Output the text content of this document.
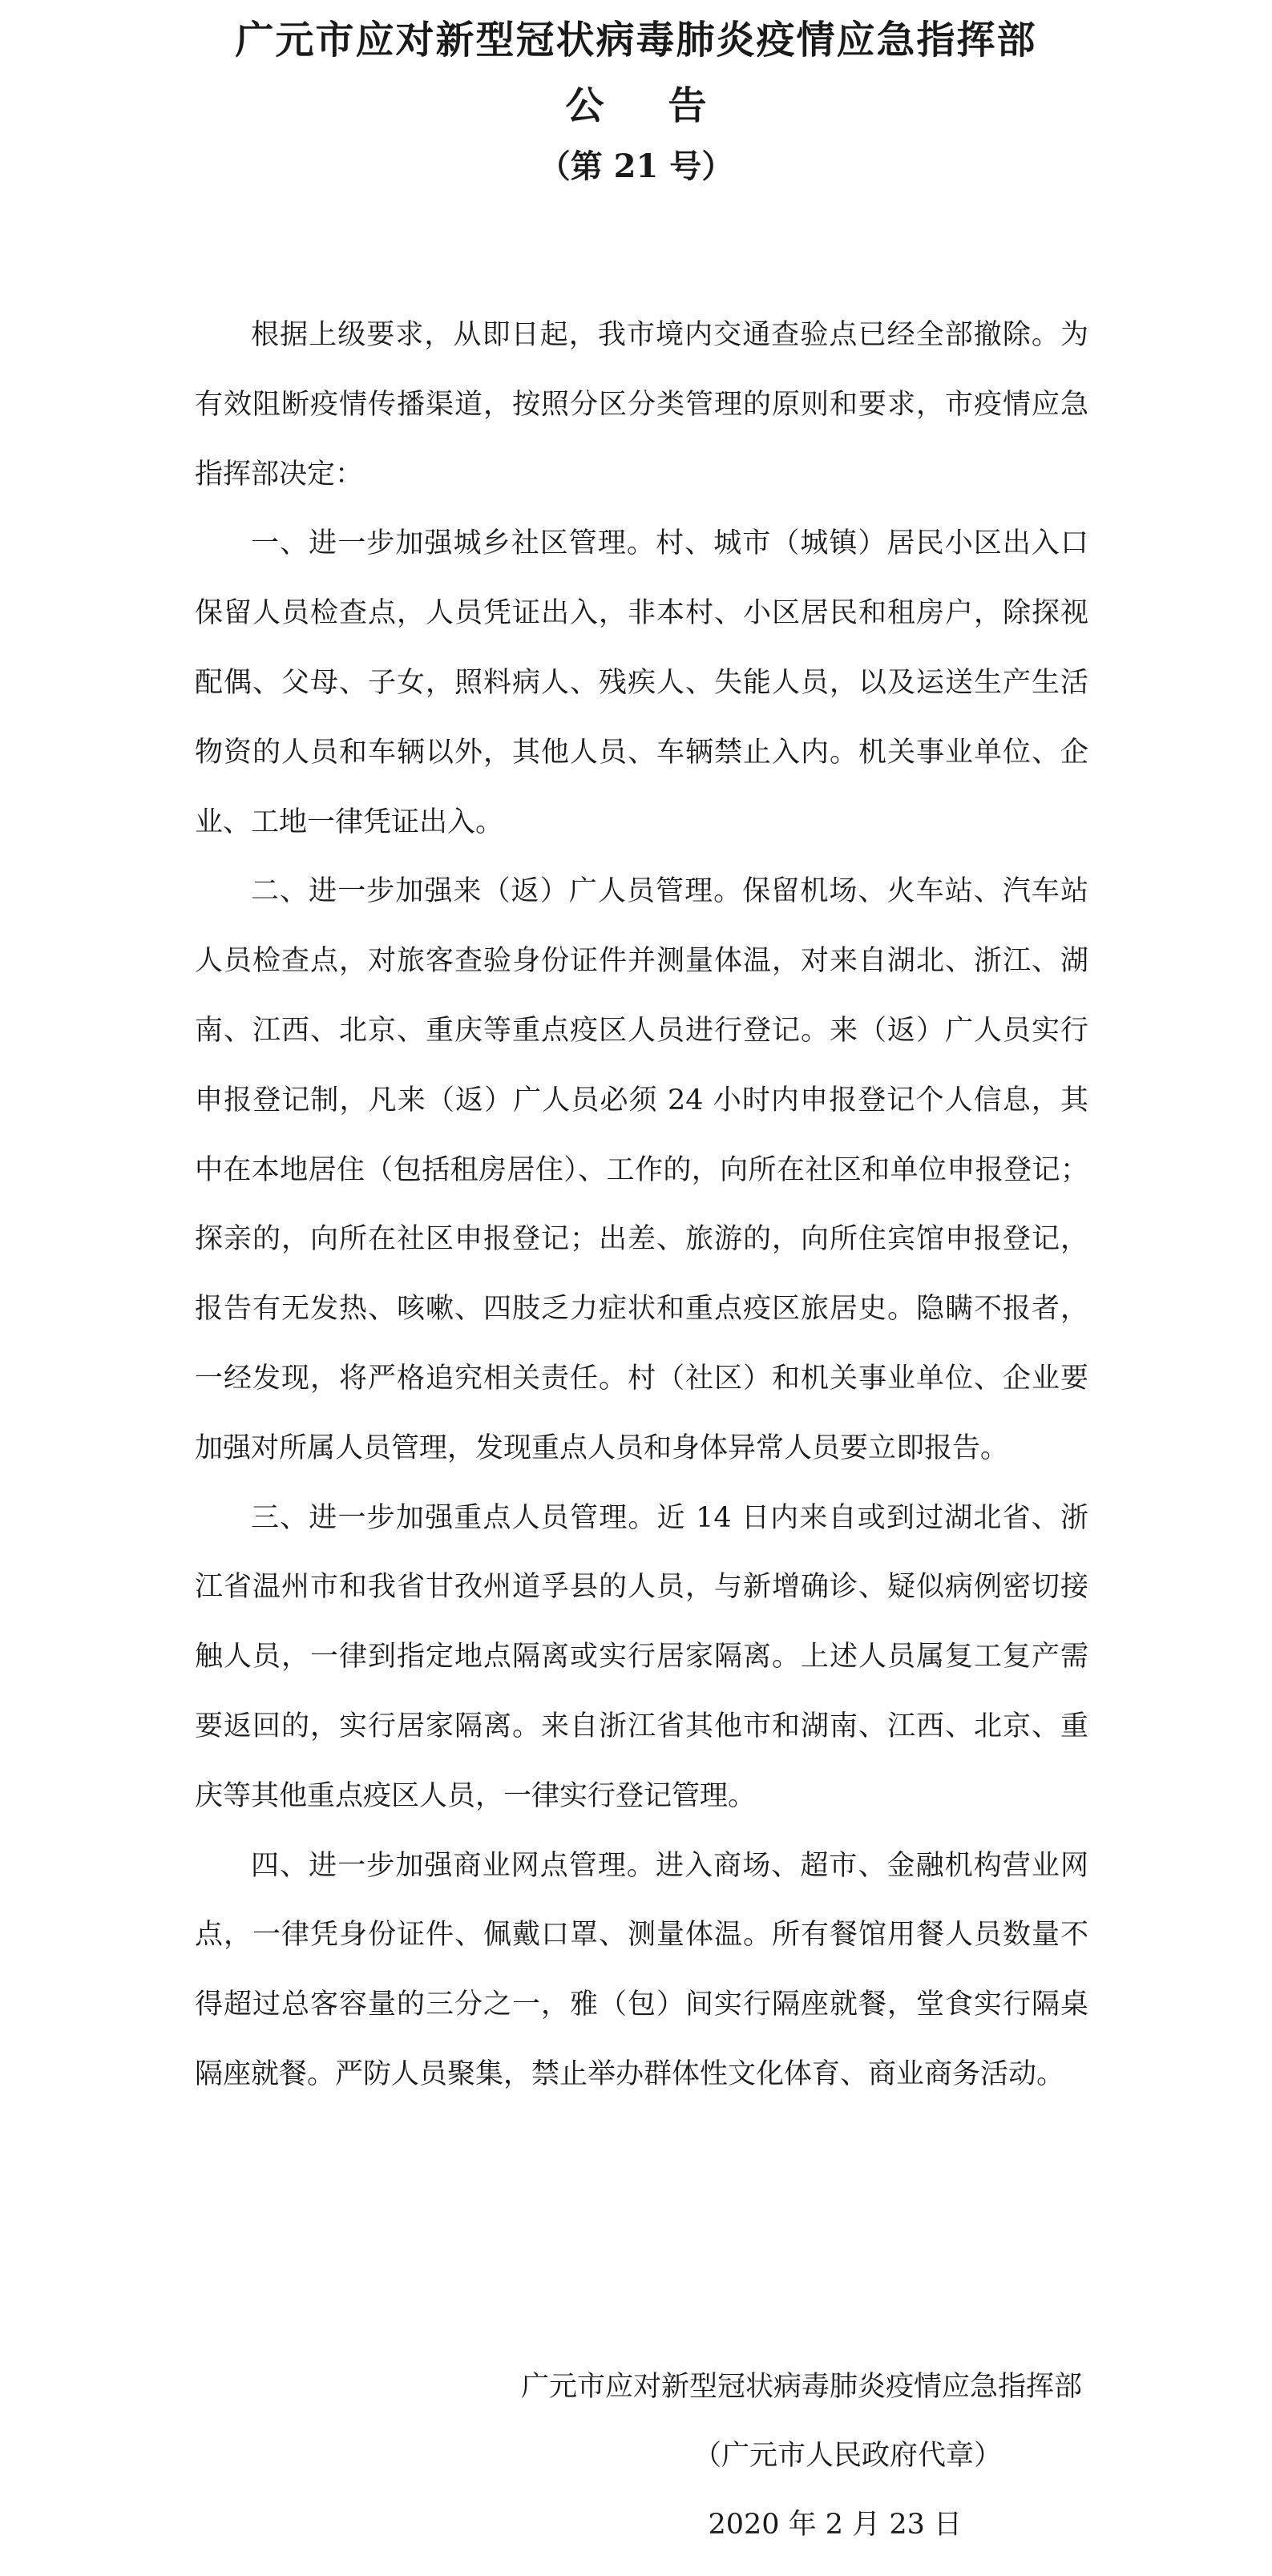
广元市应对新型冠状病毒肺炎疫情应急指挥部
公告
（第 21 号）

根据上级要求，从即日起，我市境内交通查验点已经全部撤除。为有效阻断疫情传播渠道，按照分区分类管理的原则和要求，市疫情应急指挥部决定：

一、进一步加强城乡社区管理。村、城市（城镇）居民小区出入口保留人员检查点，人员凭证出入，非本村、小区居民和租房户，除探视配偶、父母、子女，照料病人、残疾人、失能人员，以及运送生产生活物资的人员和车辆以外，其他人员、车辆禁止入内。机关事业单位、企业、工地一律凭证出入。

二、进一步加强来（返）广人员管理。保留机场、火车站、汽车站人员检查点，对旅客查验身份证件并测量体温，对来自湖北、浙江、湖南、江西、北京、重庆等重点疫区人员进行登记。来（返）广人员实行申报登记制，凡来（返）广人员必须 24 小时内申报登记个人信息，其中在本地居住（包括租房居住）、工作的，向所在社区和单位申报登记；探亲的，向所在社区申报登记；出差、旅游的，向所住宾馆申报登记，报告有无发热、咳嗽、四肢乏力症状和重点疫区旅居史。隐瞒不报者，一经发现，将严格追究相关责任。村（社区）和机关事业单位、企业要加强对所属人员管理，发现重点人员和身体异常人员要立即报告。

三、进一步加强重点人员管理。近 14 日内来自或到过湖北省、浙江省温州市和我省甘孜州道孚县的人员，与新增确诊、疑似病例密切接触人员，一律到指定地点隔离或实行居家隔离。上述人员属复工复产需要返回的，实行居家隔离。来自浙江省其他市和湖南、江西、北京、重庆等其他重点疫区人员，一律实行登记管理。

四、进一步加强商业网点管理。进入商场、超市、金融机构营业网点，一律凭身份证件、佩戴口罩、测量体温。所有餐馆用餐人员数量不得超过总客容量的三分之一，雅（包）间实行隔座就餐，堂食实行隔桌隔座就餐。严防人员聚集，禁止举办群体性文化体育、商业商务活动。

广元市应对新型冠状病毒肺炎疫情应急指挥部
（广元市人民政府代章）
2020 年 2 月 23 日
